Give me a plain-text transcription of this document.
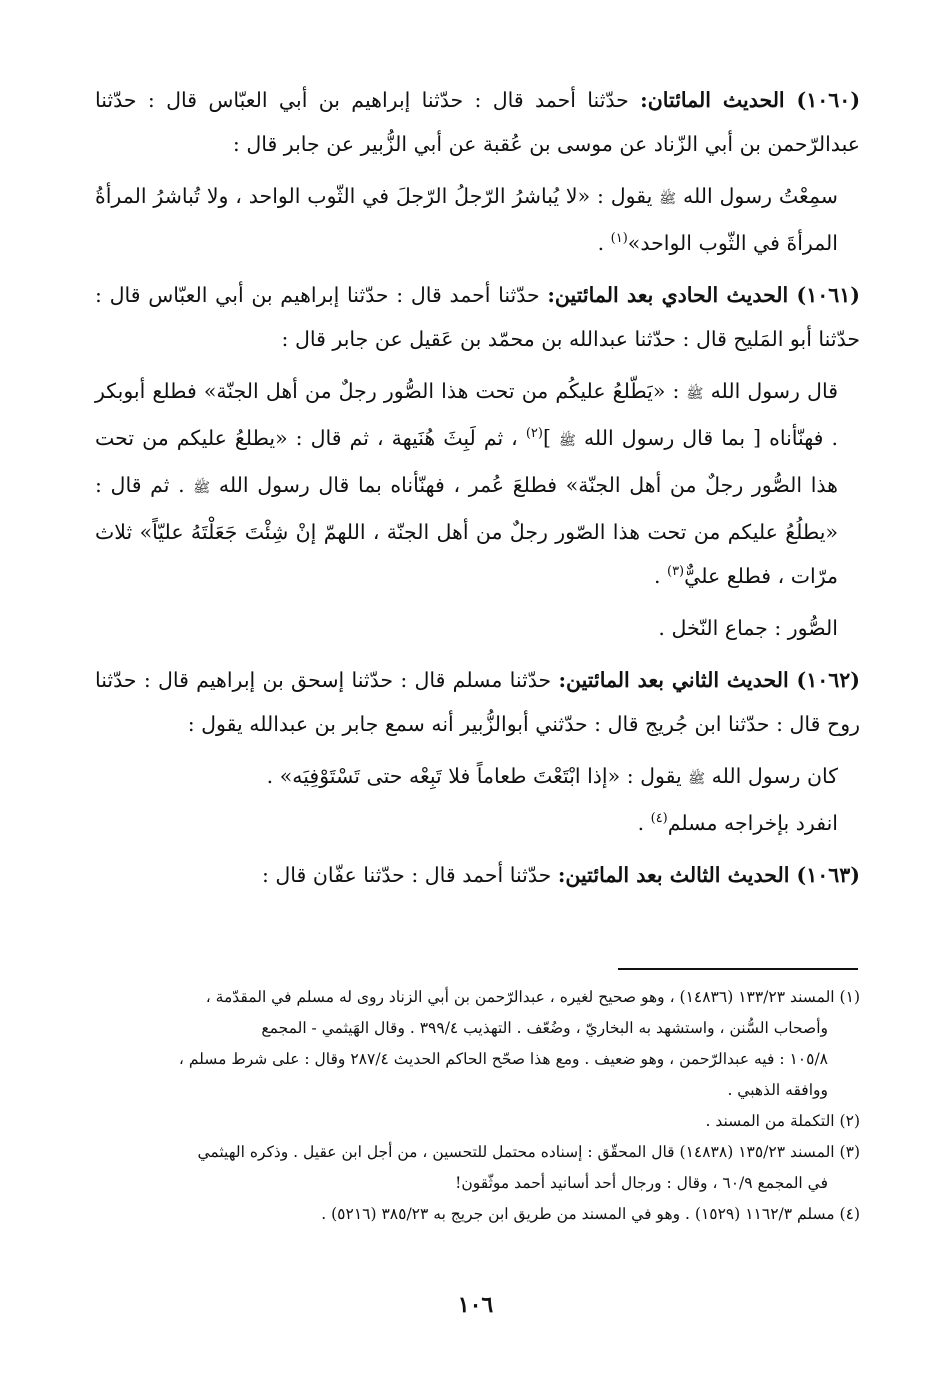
(١٠٦٠) الحديث المائتان: حدّثنا أحمد قال : حدّثنا إبراهيم بن أبي العبّاس قال : حدّثنا عبدالرّحمن بن أبي الزّناد عن موسى بن عُقبة عن أبي الزُّبير عن جابر قال :

سمِعْتُ رسول الله ﷺ يقول : «لا يُباشرُ الرّجلُ الرّجلَ في الثّوب الواحد ، ولا تُباشرُ المرأةُ المرأةَ في الثّوب الواحد»$^{(١)}$ .

(١٠٦١) الحديث الحادي بعد المائتين: حدّثنا أحمد قال : حدّثنا إبراهيم بن أبي العبّاس قال : حدّثنا أبو المَليح قال : حدّثنا عبدالله بن محمّد بن عَقيل عن جابر قال :

قال رسول الله ﷺ : «يَطّلعُ عليكُم من تحت هذا الصُّور رجلٌ من أهل الجنّة» فطلع أبوبكر . فهنّأناه [ بما قال رسول الله ﷺ ]$^{(٢)}$ ، ثم لَبِثَ هُنَيهة ، ثم قال : «يطلعُ عليكم من تحت هذا الصُّور رجلٌ من أهل الجنّة» فطلعَ عُمر ، فهنّأناه بما قال رسول الله ﷺ . ثم قال : «يطلُعُ عليكم من تحت هذا الصّور رجلٌ من أهل الجنّة ، اللهمّ إنْ شِئْتَ جَعَلْتَهُ عليّاً» ثلاث مرّات ، فطلع عليٌّ$^{(٣)}$ .

الصُّور : جماع النّخل .

(١٠٦٢) الحديث الثاني بعد المائتين: حدّثنا مسلم قال : حدّثنا إسحق بن إبراهيم قال : حدّثنا روح قال : حدّثنا ابن جُريج قال : حدّثني أبوالزُّبير أنه سمع جابر بن عبدالله يقول :

كان رسول الله ﷺ يقول : «إذا ابْتَعْتَ طعاماً فلا تَبِعْه حتى تَسْتَوْفِيَه» .

انفرد بإخراجه مسلم$^{(٤)}$ .

(١٠٦٣) الحديث الثالث بعد المائتين: حدّثنا أحمد قال : حدّثنا عفّان قال :

(١) المسند ١٣٣/٢٣ (١٤٨٣٦) ، وهو صحيح لغيره ، عبدالرّحمن بن أبي الزناد روى له مسلم في المقدّمة ،

وأصحاب السُّنن ، واستشهد به البخاريّ ، وضُعّف . التهذيب ٣٩٩/٤ . وقال الهَيثمي - المجمع

١٠٥/٨ : فيه عبدالرّحمن ، وهو ضعيف . ومع هذا صحّح الحاكم الحديث ٢٨٧/٤ وقال : على شرط مسلم ،

ووافقه الذهبي .

(٢) التكملة من المسند .

(٣) المسند ١٣٥/٢٣ (١٤٨٣٨) قال المحقّق : إسناده محتمل للتحسين ، من أجل ابن عقيل . وذكره الهيثمي

في المجمع ٦٠/٩ ، وقال : ورجال أحد أسانيد أحمد موثّقون!

(٤) مسلم ١١٦٢/٣ (١٥٢٩) . وهو في المسند من طريق ابن جريج به ٣٨٥/٢٣ (٥٢١٦) .

١٠٦
